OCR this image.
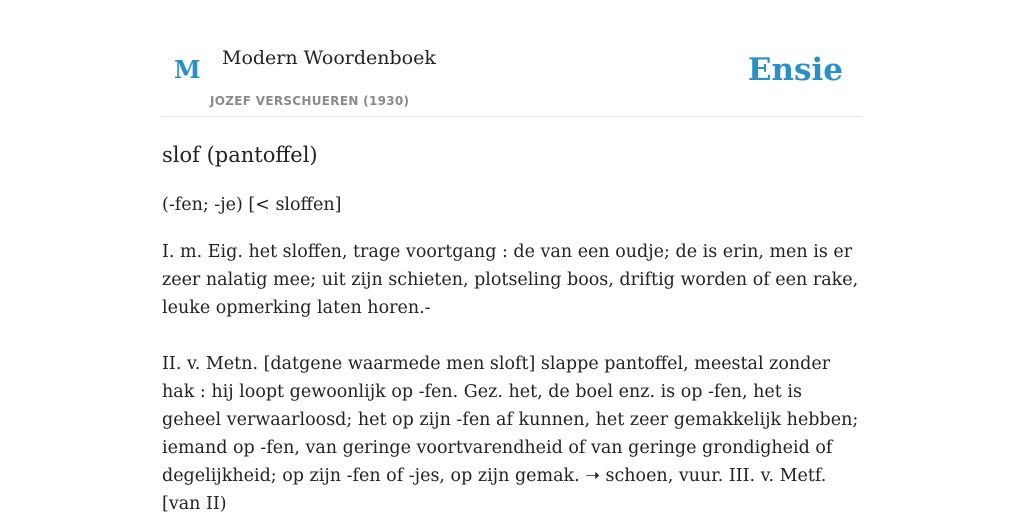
M Modern Woordenboek
JOZEF VERSCHUEREN (1930)
Ensie
slof (pantoffel)

(-fen; -je) [< sloffen]

I. m. Eig. het sloffen, trage voortgang : de van een oudje; de is erin, men is er zeer nalatig mee; uit zijn schieten, plotseling boos, driftig worden of een rake, leuke opmerking laten horen.-

II. v. Metn. [datgene waarmede men sloft] slappe pantoffel, meestal zonder hak : hij loopt gewoonlijk op -fen. Gez. het, de boel enz. is op -fen, het is geheel verwaarloosd; het op zijn -fen af kunnen, het zeer gemakkelijk hebben; iemand op -fen, van geringe voortvarendheid of van geringe grondigheid of degelijkheid; op zijn -fen of -jes, op zijn gemak. ➝ schoen, vuur. III. v. Metf. [van II)
